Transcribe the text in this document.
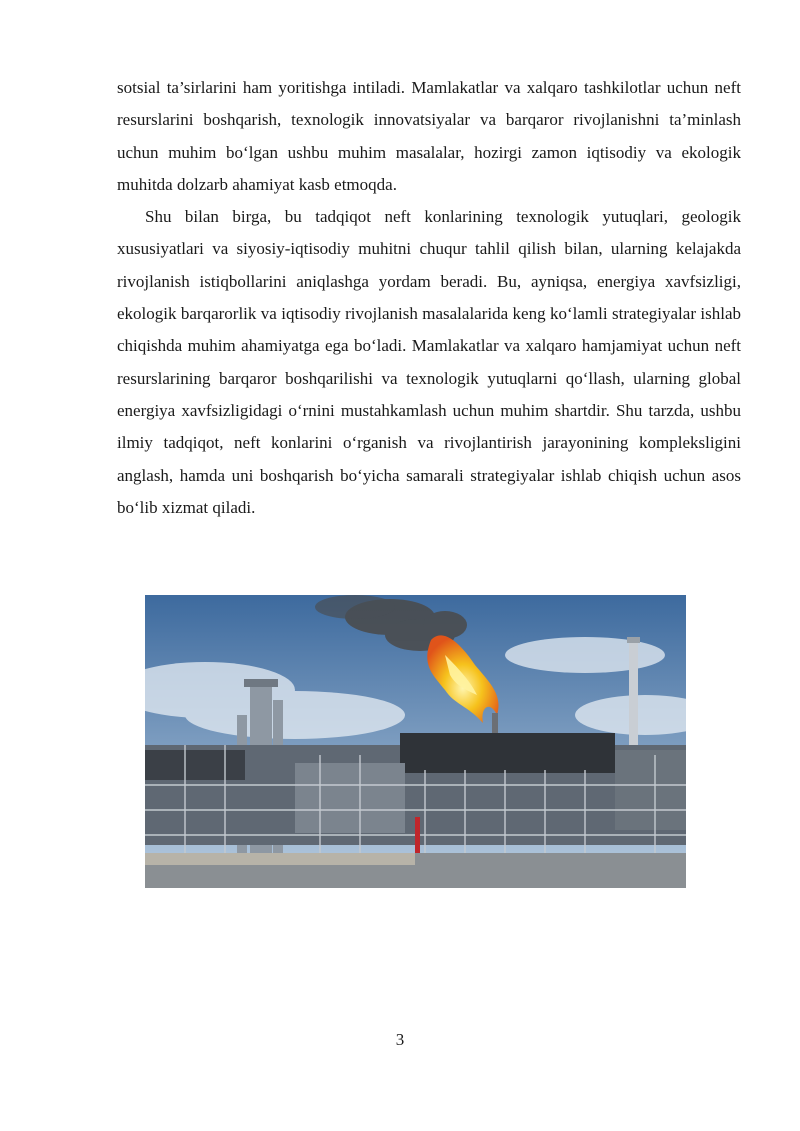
sotsial ta’sirlarini ham yoritishga intiladi. Mamlakatlar va xalqaro tashkilotlar uchun neft resurslarini boshqarish, texnologik innovatsiyalar va barqaror rivojlanishni ta’minlash uchun muhim bo‘lgan ushbu muhim masalalar, hozirgi zamon iqtisodiy va ekologik muhitda dolzarb ahamiyat kasb etmoqda.

Shu bilan birga, bu tadqiqot neft konlarining texnologik yutuqlari, geologik xususiyatlari va siyosiy-iqtisodiy muhitni chuqur tahlil qilish bilan, ularning kelajakda rivojlanish istiqbollarini aniqlashga yordam beradi. Bu, ayniqsa, energiya xavfsizligi, ekologik barqarorlik va iqtisodiy rivojlanish masalalarida keng ko‘lamli strategiyalar ishlab chiqishda muhim ahamiyatga ega bo‘ladi. Mamlakatlar va xalqaro hamjamiyat uchun neft resurslarining barqaror boshqarilishi va texnologik yutuqlarni qo‘llash, ularning global energiya xavfsizligidagi o‘rnini mustahkamlash uchun muhim shartdir. Shu tarzda, ushbu ilmiy tadqiqot, neft konlarini o‘rganish va rivojlantirish jarayonining kompleksligini anglash, hamda uni boshqarish bo‘yicha samarali strategiyalar ishlab chiqish uchun asos bo‘lib xizmat qiladi.

3
